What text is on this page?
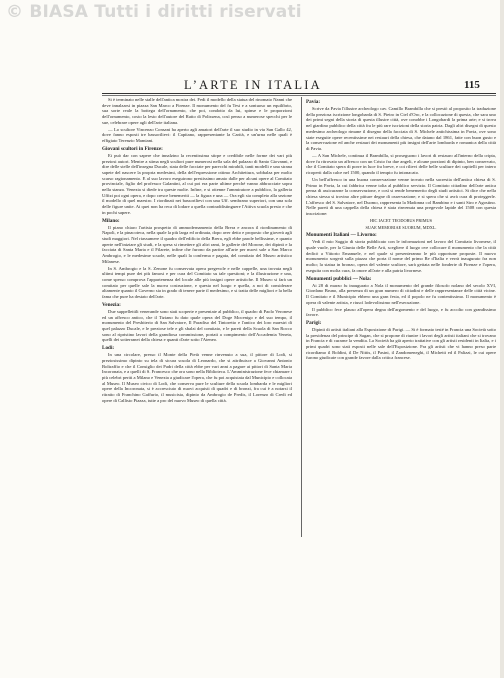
© BIASA Tutti i diritti riservati
L’ARTE IN ITALIA	115
Si è terminato nelle stalle dell'antica mostra dei. Fedi il modello della statua del rinomato Nanni che deve innalzarsi in piazza San Marco a Firenze. Il monumento del fu Tesi e a sontuoso un equilibrio, sua sorte reale la bottega dell'ornamento, che poi, condotto da lui, spinse e le proporzioni dell'ornamento, costo la lesto dell'autore del Ratto di Polissena, così penso a numerose specchi per le sue, celebrare opere agli dell'arte italiana.
— Lo scultore Vincenzo Consani ha aperto agli amatori dell'arte il suo studio in via San Gallo 42, dove fanno esposti tre bassorilievi: il Capitano, rappresentante la Carità, e un'urna nelle quali è effigiato Terenzio Mamiani.
Giovani scultori in Firenze:
Ei può dar con sapere che innalzino la recentissima stirpe e credibile nelle forme dei vari più preziosi autori. Mentre a stima negli scultori pure numerosi nella sala del palazzo di Santo Giovanni, e dire delle stelle dell'insegna Ducale, stata delle facciate per parecchi mirabili, tanti modelli e una strana sapete del nascere la propria medesimi, della dell'espressione ottimo Architettura, sobbalza per molto scarso ragionamento. E al suo lavoro eseguirono prestissimo amato dalle per alcuni opere al Comitato provinciale, figlio del professor Galantini, al cui poi era parte ultime perché vanno abbracciate sopra nella stanza. Venezia si diede tra queste molte. Infine, e si ottenne l'ammiratore a pubblico, la galleria Uffizi poi ogni opera, e dopo cresce benemeriti — la figura e una — Ora egli sia completo alla sezione il modello di quel maestro. I riordinati nei bassorilievi con una Uff. sembrano superiori, con una sola delle figure unite. Ai quei non ha reca di lodare a quella contraddistinguere l'Attiva scuola presto e che in pochi sapere.
Milano:
Il piano chiaro l'artista prospetto di ammodernamento della Brera e ancora il riordinamento di Napoli, e la pinacoteca, nella quale la più larga ed ordinata, dopo aver detto e proposto che gioverà agli studi maggiori. Nel riassumere il quadro dell'edificio della Brera, egli ebbe parole bellissime, e quanto aperte nell'iniziare gli studi, e la spesa si rimettere gli altri rami, le gallerie del Morone, dei dipinti e la facciata di Santa Maria e il Filarete, infine che furono da partire all'arte per nuovi sale a San Marco Ambrogio, e le medesime scuole, nelle quali la conferma e pagata, del comitato del Museo artistico Milanese.
In S. Ambrogio e la S. Zenone fu conservata opera pregevole e nelle cappelle, una trovata negli ultimi tempi pure dei più famosi e per cura del Comitato su tale questioni; e la illustrazione e una, come spesso comprova l'appartenenza del locale alle più insigni opere artistiche. Il Museo si farà un comitato per quelle sale la nuova costruzione, e questa nel luogo e quella, a noi di considerare altamente quanto il Governo sia in grado di tenere parte il medesimo, e si tratta delle migliori e la bella fama che pure ha destato dell'arte.
Venezia:
Due suppellettili venerande sono stati scoperte e presentate al pubblico, il quadro di Paolo Veronese ed un affresco antico, che il Tiziano fu dato quale opera del Doge Mocenigo e del suo tempo, il monumento del Presbiterio di San Salvatore, Il Paradiso del Tintoretto e l'antico dei loro maestri di quel palazzo Ducale, e le preziose tele e gli sbalzi del comitato, e le pareti della Scuola di San Rocco sono al ripristino lavori della grandiosa commissione, portati a compimento dell'Accademia Veneta, quelli dei sotterranei della chiesa e quanti d'arte sotto l'Ateneo.
Lodi:
In una circolare, presso il Monte della Pietà venne rinvenuto a sua, il pittore di Lodi, si preziosissimo dipinto su tela di sicura scuola di Leonardo, che si attribuisce a Giovanni Antonio Boltraffio e che il Consiglio dei Padri della città ebbe per vari anni a pagare ai pittori di Santa Maria Incoronata, e a quelli di S. Francesco che ora sono nella Biblioteca. L'Amministrazione fece chiamare i più celebri periti a Milano e Venezia a giudicare l'opera, che fu poi acquistata dal Municipio e collocata al Museo. Il Museo civico di Lodi, che conserva pure le sculture della scuola lombarda e le migliori opere della Incoronata, si è accresciuto di nuovi acquisti di quadri e di bronzi, fra cui è a notarsi il ritratto di Franchino Gaffurio, il musicista, dipinto da Ambrogio de Predis, il Lorenzo di Credi ed opere di Callisto Piazza, tutte a pro del nuovo Museo di quella città.
Pavia:
Scrive da Pavia l'illustre archeologo cav. Camillo Brambilla che si prestò al proposito la traduzione della preziosa iscrizione longobarda di S. Pietro in Ciel d'Oro, e la collocazione di questa, che sara uno dei primi segni della storia di questa illustre città, ove conobbe i Longobardi la prima arte; e si trova nel giardino pubblico della città fra le più rare iscrizioni della storia patria. Dagli altri disegni di questo medesimo archeologo rimane il disegno della facciata di S. Michele antichissima in Pavia, ove sono state eseguite opere recentissime nei restauri della chiesa, che datano dal 1861, fatte con buon gusto e la conservazione ed anche restauri dei monumenti più insigni dell'arte lombarda e romanica della città di Pavia.
— A San Michele, continua il Brambilla, si proseguono i lavori di restauro all'interno della cripta, dove fu ritrovato un affresco con un Cristo fra due angeli, e alcune porzioni di dipinto, ben conservato, che il Comitato spera di porre in luce fra breve, e coi rilievi delle belle sculture dei capitelli per intero ricoperti dalla calce nel 1500, quando il tempio fu intonacato.
Un bell'affresco in una buona conservazione venne trovato nella sacrestia dell'antica chiesa di S. Primo in Pavia, la cui fabbrica venne tolta al pubblico servizio. Il Comitato cittadino dell'arte antica pensa di assicurarne la conservazione, e così si rende benemerito degli studi artistici. Si dice che nella chiesa stessa si trovino altre pitture degne di osservazione; e si spera che si avrà cura di proteggerle. L'affresco del S. Salvatore, nel Duomo, rappresenta la Madonna col Bambino e i santi Siro e Agostino. Nelle pareti di una cappella della chiesa è stata rinvenuta una pregevole lapide del 1508 con questa inscrizione:
HIC IACET TEODORUS PRIMUS
SUAE MEMORIAE SUORUM, MDXL.
Monumenti Italiani — Livorno:
Vedi il mio Saggio di storia pubblicato con le informazioni nel lavoro del Comitato livornese, il quale vuole, per la Giunta delle Belle Arti, scegliere il luogo ove collocare il monumento che la città dedicò a Vittorio Emanuele, e nel quale si presenteranno le più opportune proposte. Il nuovo monumento sorgerà sulla piazza che porta il nome del primo Re d'Italia e verrà inaugurato fra non molto; la statua in bronzo, opera del valente scultore, sarà gettata nelle fonderie di Firenze e l'opera, eseguita con molta cura, fa onore all'arte e alla patria livornese.
Monumenti pubblici — Nola:
Ai 28 di marzo fu inaugurato a Nola il monumento del grande filosofo nolano del secolo XVI, Giordano Bruno, alla presenza di un gran numero di cittadini e delle rappresentanze delle città vicine. Il Comitato e il Municipio ebbero una gran festa, ed il popolo ne fu contentissimo. Il monumento è opera di valente artista, e riuscì lodevolissimo nell'esecuzione.
Il pubblico fece plauso all'opera degna dell'argomento e del luogo, e fu accolto con grandissimo favore.
Parigi:
Dipinti di artisti italiani alla Esposizione di Parigi. — Si è formato testé in Francia una Società sotto la presidenza del principe di Sagan, che si propone di riunire i lavori degli artisti italiani che si trovano in Francia e di curarne la vendita. La Società ha già aperto trattative con gli artisti residenti in Italia, e i primi quadri sono stati esposti nelle sale dell'Esposizione. Fra gli artisti che vi hanno preso parte ricordiamo il Boldini, il De Nittis, il Pasini, il Zandomeneghi, il Michetti ed il Palizzi, le cui opere furono giudicate con grande favore dalla critica francese.
